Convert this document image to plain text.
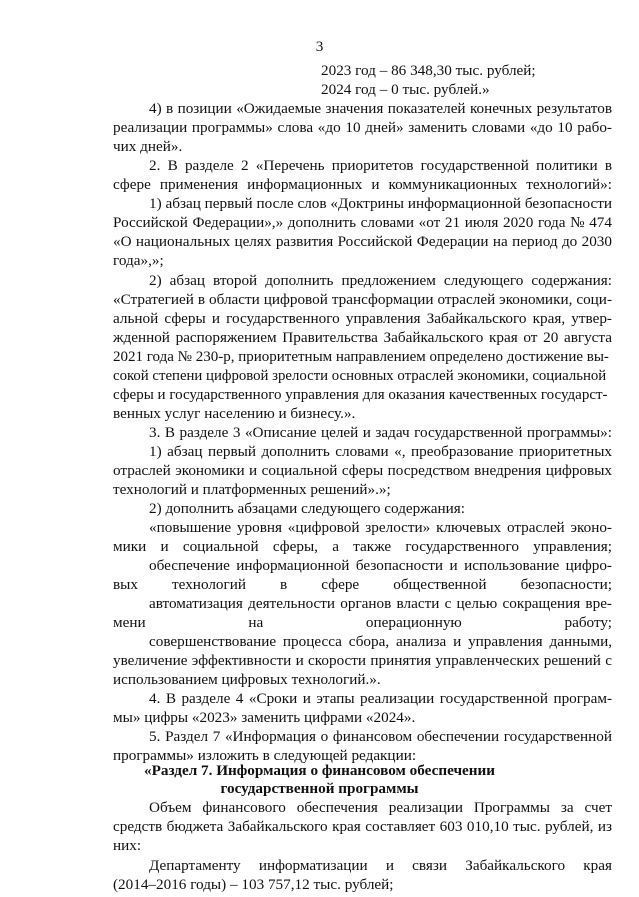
3
2023 год – 86 348,30 тыс. рублей;
2024 год – 0 тыс. рублей.»
4) в позиции «Ожидаемые значения показателей конечных результатов
реализации программы» слова «до 10 дней» заменить словами «до 10 рабо-
чих дней».
2. В разделе 2 «Перечень приоритетов государственной политики в
сфере применения информационных и коммуникационных технологий»:
1) абзац первый после слов «Доктрины информационной безопасности
Российской Федерации»,» дополнить словами «от 21 июля 2020 года № 474
«О национальных целях развития Российской Федерации на период до 2030
года»,»;
2) абзац второй дополнить предложением следующего содержания:
«Стратегией в области цифровой трансформации отраслей экономики, соци-
альной сферы и государственного управления Забайкальского края, утвер-
жденной распоряжением Правительства Забайкальского края от 20 августа
2021 года № 230-р, приоритетным направлением определено достижение вы-
сокой степени цифровой зрелости основных отраслей экономики, социальной
сферы и государственного управления для оказания качественных государст-
венных услуг населению и бизнесу.».
3. В разделе 3 «Описание целей и задач государственной программы»:
1) абзац первый дополнить словами «, преобразование приоритетных
отраслей экономики и социальной сферы посредством внедрения цифровых
технологий и платформенных решений».»;
2) дополнить абзацами следующего содержания:
«повышение уровня «цифровой зрелости» ключевых отраслей эконо-
мики и социальной сферы, а также государственного управления;
обеспечение информационной безопасности и использование цифро-
вых технологий в сфере общественной безопасности;
автоматизация деятельности органов власти с целью сокращения вре-
мени на операционную работу;
совершенствование процесса сбора, анализа и управления данными,
увеличение эффективности и скорости принятия управленческих решений с
использованием цифровых технологий.».
4. В разделе 4 «Сроки и этапы реализации государственной програм-
мы» цифры «2023» заменить цифрами «2024».
5. Раздел 7 «Информация о финансовом обеспечении государственной
программы» изложить в следующей редакции:
«Раздел 7. Информация о финансовом обеспечении
государственной программы
Объем финансового обеспечения реализации Программы за счет
средств бюджета Забайкальского края составляет 603 010,10 тыс. рублей, из
них:
Департаменту информатизации и связи Забайкальского края
(2014–2016 годы) – 103 757,12 тыс. рублей;
